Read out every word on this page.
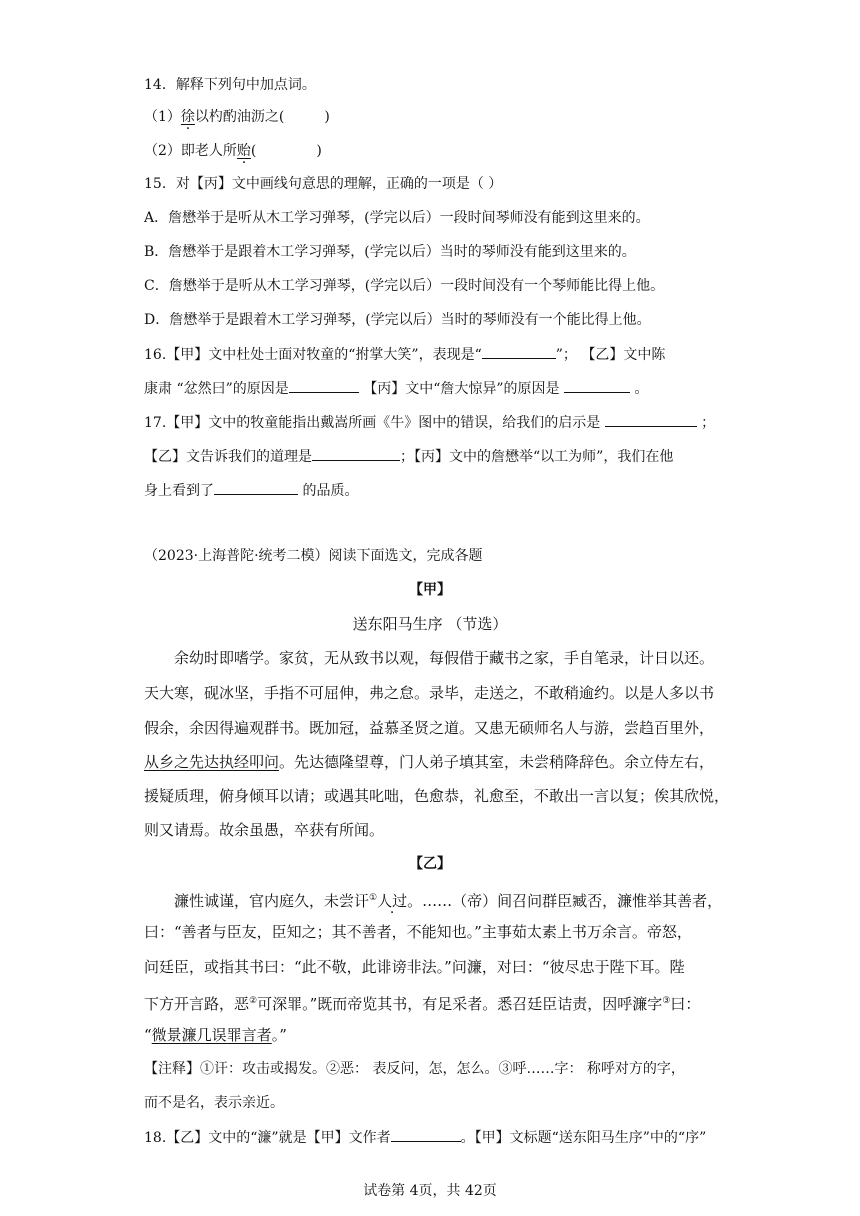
14．解释下列句中加点词。
（1）徐以杓酌油沥之(	)
（2）即老人所贻(	)
15．对【丙】文中画线句意思的理解，正确的一项是（ ）
A．詹懋举于是听从木工学习弹琴，(学完以后）一段时间琴师没有能到这里来的。
B．詹懋举于是跟着木工学习弹琴，(学完以后）当时的琴师没有能到这里来的。
C．詹懋举于是听从木工学习弹琴，(学完以后）一段时间没有一个琴师能比得上他。
D．詹懋举于是跟着木工学习弹琴，(学完以后）当时的琴师没有一个能比得上他。
16.【甲】文中杜处士面对牧童的“拊掌大笑”，表现是“	”； 【乙】文中陈
康肃 “忿然曰”的原因是	【丙】文中“詹大惊异”的原因是	。
17.【甲】文中的牧童能指出戴嵩所画《牛》图中的错误，给我们的启示是	；
【乙】文告诉我们的道理是	；【丙】文中的詹懋举“以工为师”，我们在他
身上看到了	的品质。
（2023·上海普陀·统考二模）阅读下面选文，完成各题
【甲】
送东阳马生序 （节选）
余幼时即嗜学。家贫，无从致书以观，每假借于藏书之家，手自笔录，计日以还。
天大寒，砚冰坚，手指不可屈伸，弗之怠。录毕，走送之，不敢稍逾约。以是人多以书
假余，余因得遍观群书。既加冠，益慕圣贤之道。又患无硕师名人与游，尝趋百里外，
从乡之先达执经叩问。先达德隆望尊，门人弟子填其室，未尝稍降辞色。余立侍左右，
援疑质理，俯身倾耳以请；或遇其叱咄，色愈恭，礼愈至，不敢出一言以复；俟其欣悦，
则又请焉。故余虽愚，卒获有所闻。
【乙】
濂性诚谨，官内庭久，未尝讦①人过。……（帝）间召问群臣臧否，濂惟举其善者，
曰：“善者与臣友，臣知之；其不善者，不能知也。”主事茹太素上书万余言。帝怒，
问廷臣，或指其书曰：“此不敬，此诽谤非法。”问濂，对曰：“彼尽忠于陛下耳。陛
下方开言路，恶②可深罪。”既而帝览其书，有足采者。悉召廷臣诘责，因呼濂字③曰：
“微景濂几误罪言者。”
【注释】①讦：攻击或揭发。②恶： 表反问，怎，怎么。③呼……字： 称呼对方的字，
而不是名，表示亲近。
18.【乙】文中的“濂”就是【甲】文作者	。【甲】文标题“送东阳马生序”中的“序”
试卷第 4页，共 42页
